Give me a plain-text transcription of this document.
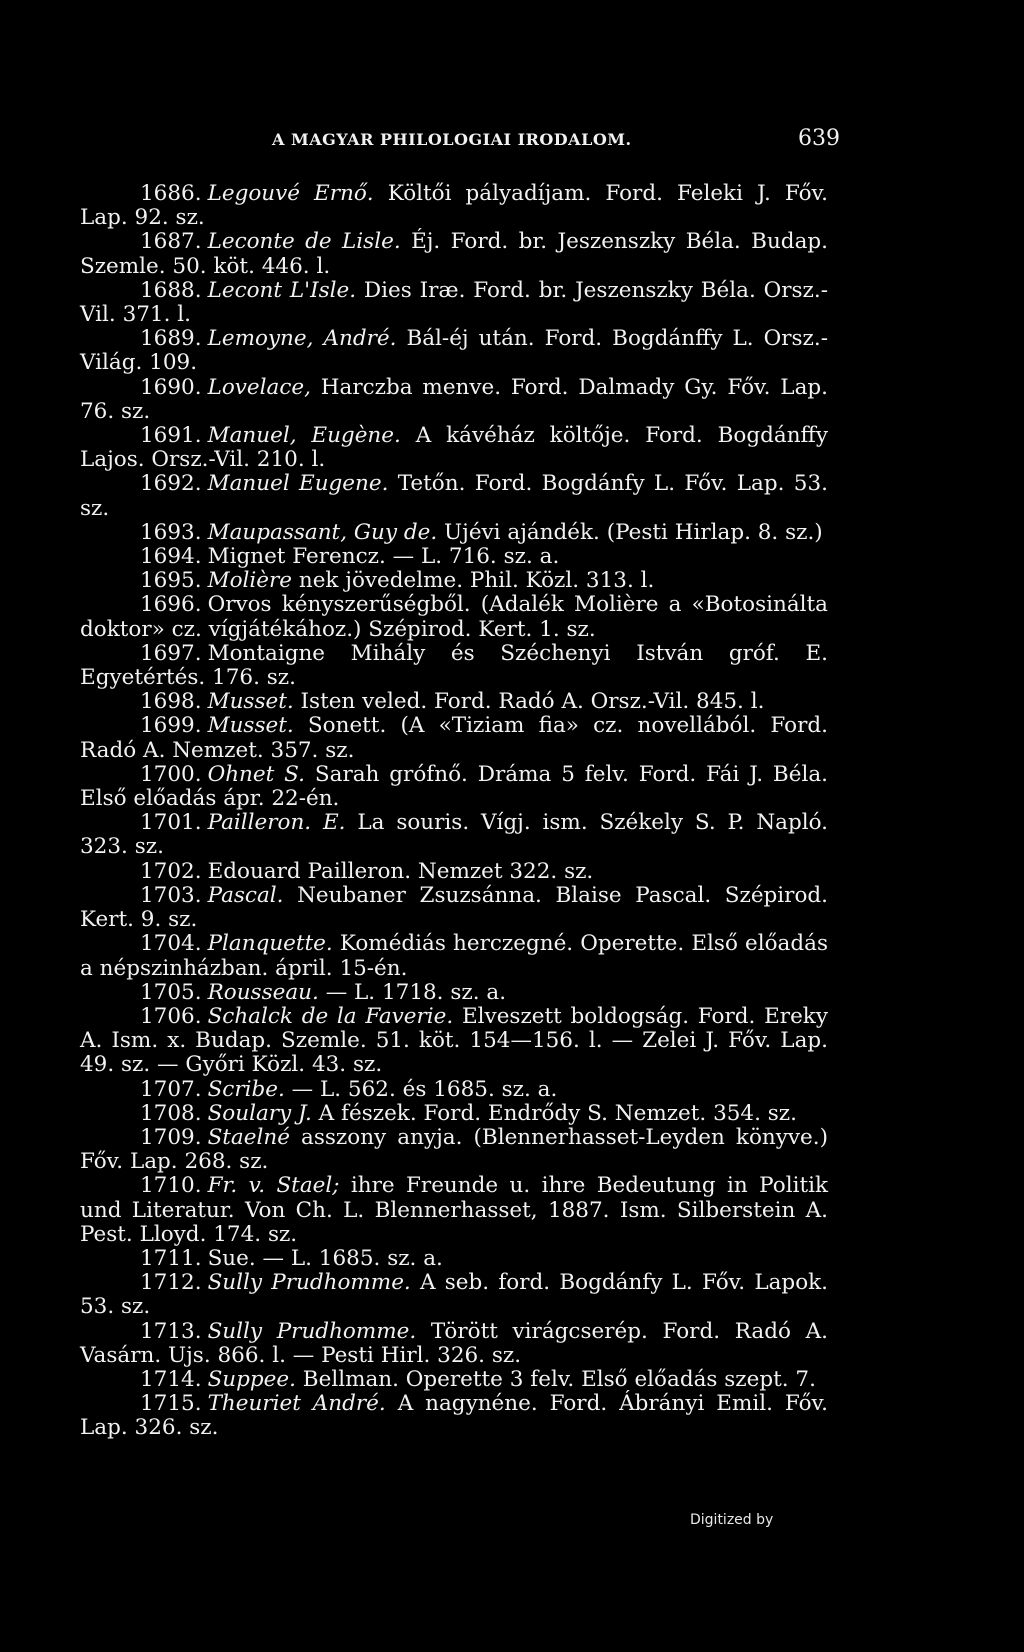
A MAGYAR PHILOLOGIAI IRODALOM.	639
1686. Legouvé Ernő. Költői pályadíjam. Ford. Feleki J. Főv. Lap. 92. sz.
1687. Leconte de Lisle. Éj. Ford. br. Jeszenszky Béla. Budap. Szemle. 50. köt. 446. l.
1688. Lecont L'Isle. Dies Iræ. Ford. br. Jeszenszky Béla. Orsz.-Vil. 371. l.
1689. Lemoyne, André. Bál-éj után. Ford. Bogdánffy L. Orsz.-Világ. 109.
1690. Lovelace, Harczba menve. Ford. Dalmady Gy. Főv. Lap. 76. sz.
1691. Manuel, Eugène. A kávéház költője. Ford. Bogdánffy Lajos. Orsz.-Vil. 210. l.
1692. Manuel Eugene. Tetőn. Ford. Bogdánfy L. Főv. Lap. 53. sz.
1693. Maupassant, Guy de. Ujévi ajándék. (Pesti Hirlap. 8. sz.)
1694. Mignet Ferencz. — L. 716. sz. a.
1695. Molière nek jövedelme. Phil. Közl. 313. l.
1696. Orvos kényszerűségből. (Adalék Molière a «Botosinálta doktor» cz. vígjátékához.) Szépirod. Kert. 1. sz.
1697. Montaigne Mihály és Széchenyi István gróf. E. Egyetértés. 176. sz.
1698. Musset. Isten veled. Ford. Radó A. Orsz.-Vil. 845. l.
1699. Musset. Sonett. (A «Tiziam fia» cz. novellából. Ford. Radó A. Nemzet. 357. sz.
1700. Ohnet S. Sarah grófnő. Dráma 5 felv. Ford. Fái J. Béla. Első előadás ápr. 22-én.
1701. Pailleron. E. La souris. Vígj. ism. Székely S. P. Napló. 323. sz.
1702. Edouard Pailleron. Nemzet 322. sz.
1703. Pascal. Neubaner Zsuzsánna. Blaise Pascal. Szépirod. Kert. 9. sz.
1704. Planquette. Komédiás herczegné. Operette. Első előadás a népszinházban. ápril. 15-én.
1705. Rousseau. — L. 1718. sz. a.
1706. Schalck de la Faverie. Elveszett boldogság. Ford. Ereky A. Ism. x. Budap. Szemle. 51. köt. 154—156. l. — Zelei J. Főv. Lap. 49. sz. — Győri Közl. 43. sz.
1707. Scribe. — L. 562. és 1685. sz. a.
1708. Soulary J. A fészek. Ford. Endrődy S. Nemzet. 354. sz.
1709. Staelné asszony anyja. (Blennerhasset-Leyden könyve.) Főv. Lap. 268. sz.
1710. Fr. v. Stael; ihre Freunde u. ihre Bedeutung in Politik und Literatur. Von Ch. L. Blennerhasset, 1887. Ism. Silberstein A. Pest. Lloyd. 174. sz.
1711. Sue. — L. 1685. sz. a.
1712. Sully Prudhomme. A seb. ford. Bogdánfy L. Főv. Lapok. 53. sz.
1713. Sully Prudhomme. Törött virágcserép. Ford. Radó A. Vasárn. Ujs. 866. l. — Pesti Hirl. 326. sz.
1714. Suppee. Bellman. Operette 3 felv. Első előadás szept. 7.
1715. Theuriet André. A nagynéne. Ford. Ábrányi Emil. Főv. Lap. 326. sz.
Digitized by
